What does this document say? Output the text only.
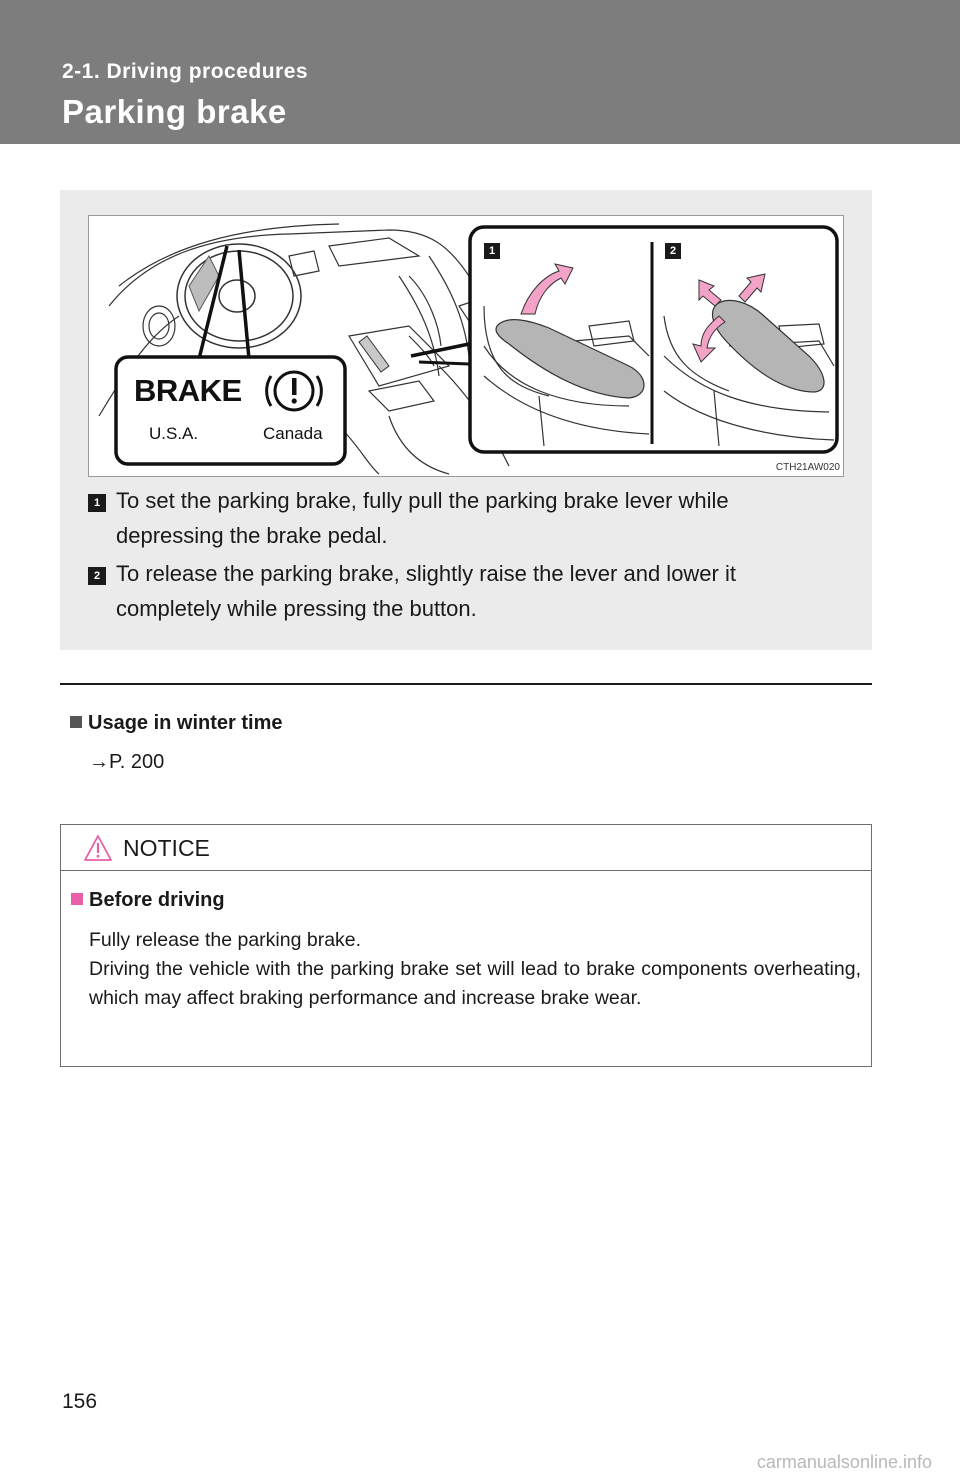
2-1. Driving procedures
Parking brake
BRAKE
U.S.A.	Canada
1	2
CTH21AW020
1 To set the parking brake, fully pull the parking brake lever while depressing the brake pedal.
2 To release the parking brake, slightly raise the lever and lower it completely while pressing the button.
Usage in winter time
→P. 200
NOTICE
Before driving

Fully release the parking brake.

Driving the vehicle with the parking brake set will lead to brake components overheating, which may affect braking performance and increase brake wear.

156
carmanualsonline.info
